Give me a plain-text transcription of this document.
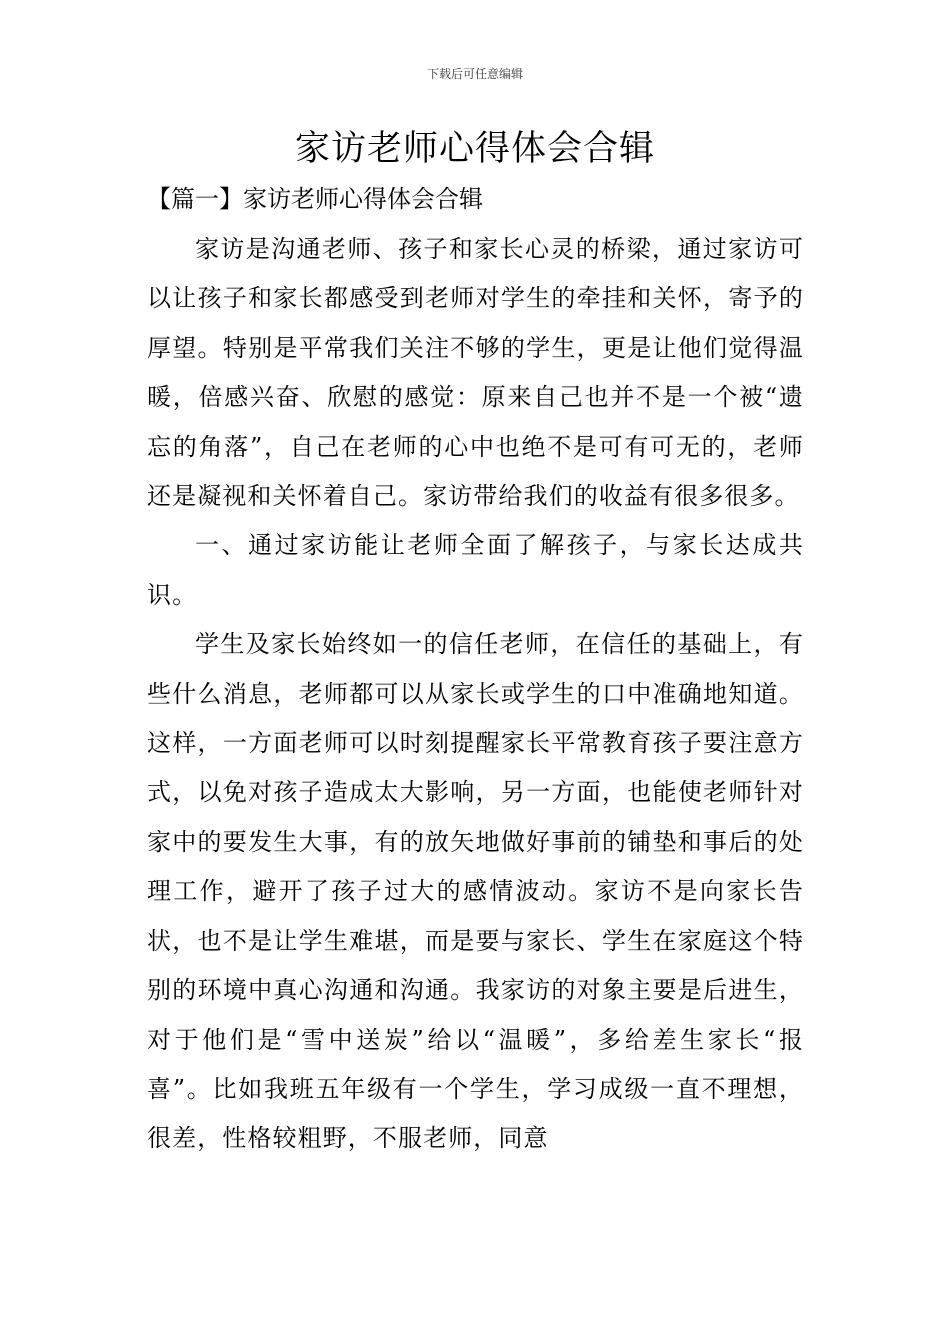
下载后可任意编辑
家访老师心得体会合辑
【篇一】家访老师心得体会合辑

家访是沟通老师、孩子和家长心灵的桥梁，通过家访可以让孩子和家长都感受到老师对学生的牵挂和关怀，寄予的厚望。特别是平常我们关注不够的学生，更是让他们觉得温暖，倍感兴奋、欣慰的感觉：原来自己也并不是一个被“遗忘的角落”，自己在老师的心中也绝不是可有可无的，老师还是凝视和关怀着自己。家访带给我们的收益有很多很多。

一、通过家访能让老师全面了解孩子，与家长达成共识。

学生及家长始终如一的信任老师，在信任的基础上，有些什么消息，老师都可以从家长或学生的口中准确地知道。这样，一方面老师可以时刻提醒家长平常教育孩子要注意方式，以免对孩子造成太大影响，另一方面，也能使老师针对家中的要发生大事，有的放矢地做好事前的铺垫和事后的处理工作，避开了孩子过大的感情波动。家访不是向家长告状，也不是让学生难堪，而是要与家长、学生在家庭这个特别的环境中真心沟通和沟通。我家访的对象主要是后进生，对于他们是“雪中送炭”给以“温暖”，多给差生家长“报喜”。比如我班五年级有一个学生，学习成级一直不理想，很差，性格较粗野，不服老师，同意
